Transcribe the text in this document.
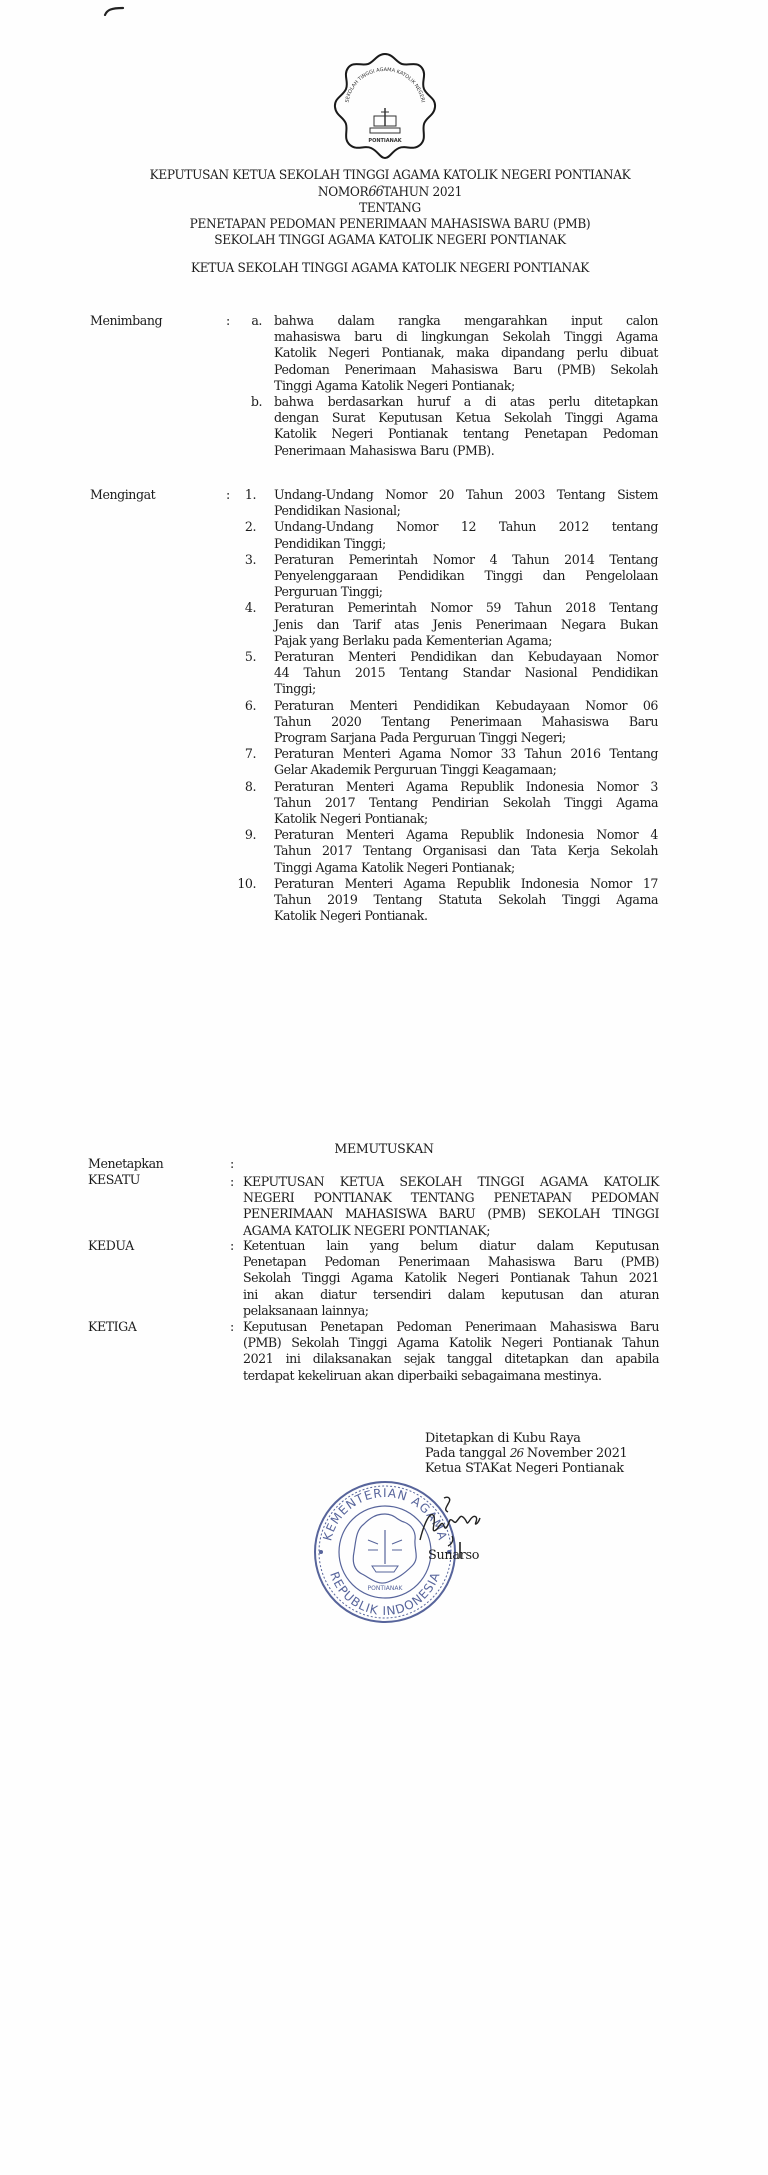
SEKOLAH TINGGI AGAMA KATOLIK NEGERI
PONTIANAK
KEPUTUSAN KETUA SEKOLAH TINGGI AGAMA KATOLIK NEGERI PONTIANAK
NOMOR66TAHUN 2021
TENTANG
PENETAPAN PEDOMAN PENERIMAAN MAHASISWA BARU (PMB)
SEKOLAH TINGGI AGAMA KATOLIK NEGERI PONTIANAK
KETUA SEKOLAH TINGGI AGAMA KATOLIK NEGERI PONTIANAK
Menimbang	: a. bahwa dalam rangka mengarahkan input calon
mahasiswa baru di lingkungan Sekolah Tinggi Agama
Katolik Negeri Pontianak, maka dipandang perlu dibuat
Pedoman Penerimaan Mahasiswa Baru (PMB) Sekolah
Tinggi Agama Katolik Negeri Pontianak;
b. bahwa berdasarkan huruf a di atas perlu ditetapkan
dengan Surat Keputusan Ketua Sekolah Tinggi Agama
Katolik Negeri Pontianak tentang Penetapan Pedoman
Penerimaan Mahasiswa Baru (PMB).
Mengingat	:	1. Undang-Undang Nomor 20 Tahun 2003 Tentang Sistem
Pendidikan Nasional;
2. Undang-Undang Nomor 12 Tahun 2012 tentang
Pendidikan Tinggi;
3. Peraturan Pemerintah Nomor 4 Tahun 2014 Tentang
Penyelenggaraan Pendidikan Tinggi dan Pengelolaan
Perguruan Tinggi;
4. Peraturan Pemerintah Nomor 59 Tahun 2018 Tentang
Jenis dan Tarif atas Jenis Penerimaan Negara Bukan
Pajak yang Berlaku pada Kementerian Agama;
5. Peraturan Menteri Pendidikan dan Kebudayaan Nomor
44 Tahun 2015 Tentang Standar Nasional Pendidikan
Tinggi;
6. Peraturan Menteri Pendidikan Kebudayaan Nomor 06
Tahun 2020 Tentang Penerimaan Mahasiswa Baru
Program Sarjana Pada Perguruan Tinggi Negeri;
7. Peraturan Menteri Agama Nomor 33 Tahun 2016 Tentang
Gelar Akademik Perguruan Tinggi Keagamaan;
8. Peraturan Menteri Agama Republik Indonesia Nomor 3
Tahun 2017 Tentang Pendirian Sekolah Tinggi Agama
Katolik Negeri Pontianak;
9. Peraturan Menteri Agama Republik Indonesia Nomor 4
Tahun 2017 Tentang Organisasi dan Tata Kerja Sekolah
Tinggi Agama Katolik Negeri Pontianak;
10. Peraturan Menteri Agama Republik Indonesia Nomor 17
Tahun 2019 Tentang Statuta Sekolah Tinggi Agama
Katolik Negeri Pontianak.
MEMUTUSKAN
Menetapkan	:
KESATU	: KEPUTUSAN KETUA SEKOLAH TINGGI AGAMA KATOLIK
NEGERI PONTIANAK TENTANG PENETAPAN PEDOMAN
PENERIMAAN MAHASISWA BARU (PMB) SEKOLAH TINGGI
AGAMA KATOLIK NEGERI PONTIANAK;
KEDUA	: Ketentuan lain yang belum diatur dalam Keputusan
Penetapan Pedoman Penerimaan Mahasiswa Baru (PMB)
Sekolah Tinggi Agama Katolik Negeri Pontianak Tahun 2021
ini akan diatur tersendiri dalam keputusan dan aturan
pelaksanaan lainnya;
KETIGA	: Keputusan Penetapan Pedoman Penerimaan Mahasiswa Baru
(PMB) Sekolah Tinggi Agama Katolik Negeri Pontianak Tahun
2021 ini dilaksanakan sejak tanggal ditetapkan dan apabila
terdapat kekeliruan akan diperbaiki sebagaimana mestinya.
Ditetapkan di Kubu Raya
Pada tanggal 26 November 2021
Ketua STAKat Negeri Pontianak
KEMENTERIAN AGAMA
REPUBLIK INDONESIA
PONTIANAK
Sunarso
